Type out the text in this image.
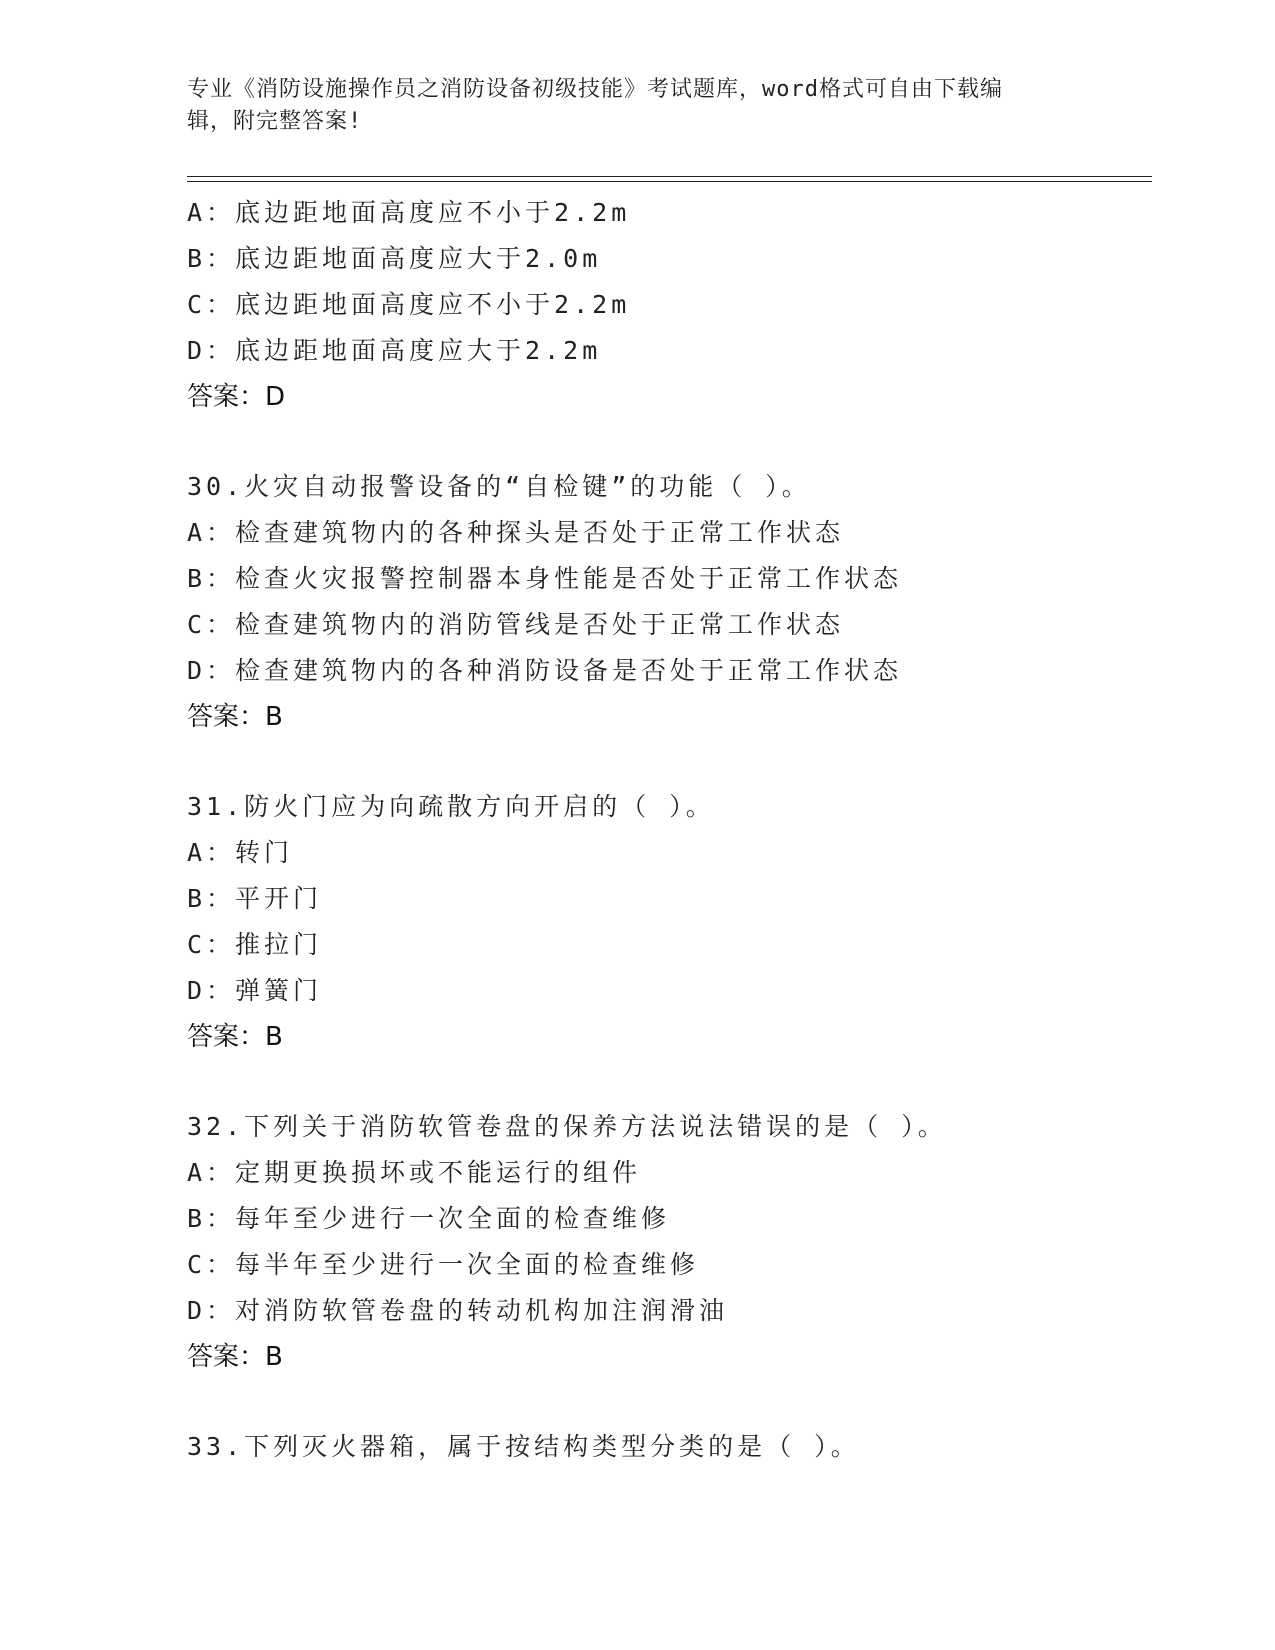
专业《消防设施操作员之消防设备初级技能》考试题库，word格式可自由下载编
辑，附完整答案!
A：底边距地面高度应不小于2.2m
B：底边距地面高度应大于2.0m
C：底边距地面高度应不小于2.2m
D：底边距地面高度应大于2.2m
答案：D
30.火灾自动报警设备的“自检键”的功能（ ）。
A：检查建筑物内的各种探头是否处于正常工作状态
B：检查火灾报警控制器本身性能是否处于正常工作状态
C：检查建筑物内的消防管线是否处于正常工作状态
D：检查建筑物内的各种消防设备是否处于正常工作状态
答案：B
31.防火门应为向疏散方向开启的（ ）。
A：转门
B：平开门
C：推拉门
D：弹簧门
答案：B
32.下列关于消防软管卷盘的保养方法说法错误的是（ ）。
A：定期更换损坏或不能运行的组件
B：每年至少进行一次全面的检查维修
C：每半年至少进行一次全面的检查维修
D：对消防软管卷盘的转动机构加注润滑油
答案：B
33.下列灭火器箱，属于按结构类型分类的是（ ）。
